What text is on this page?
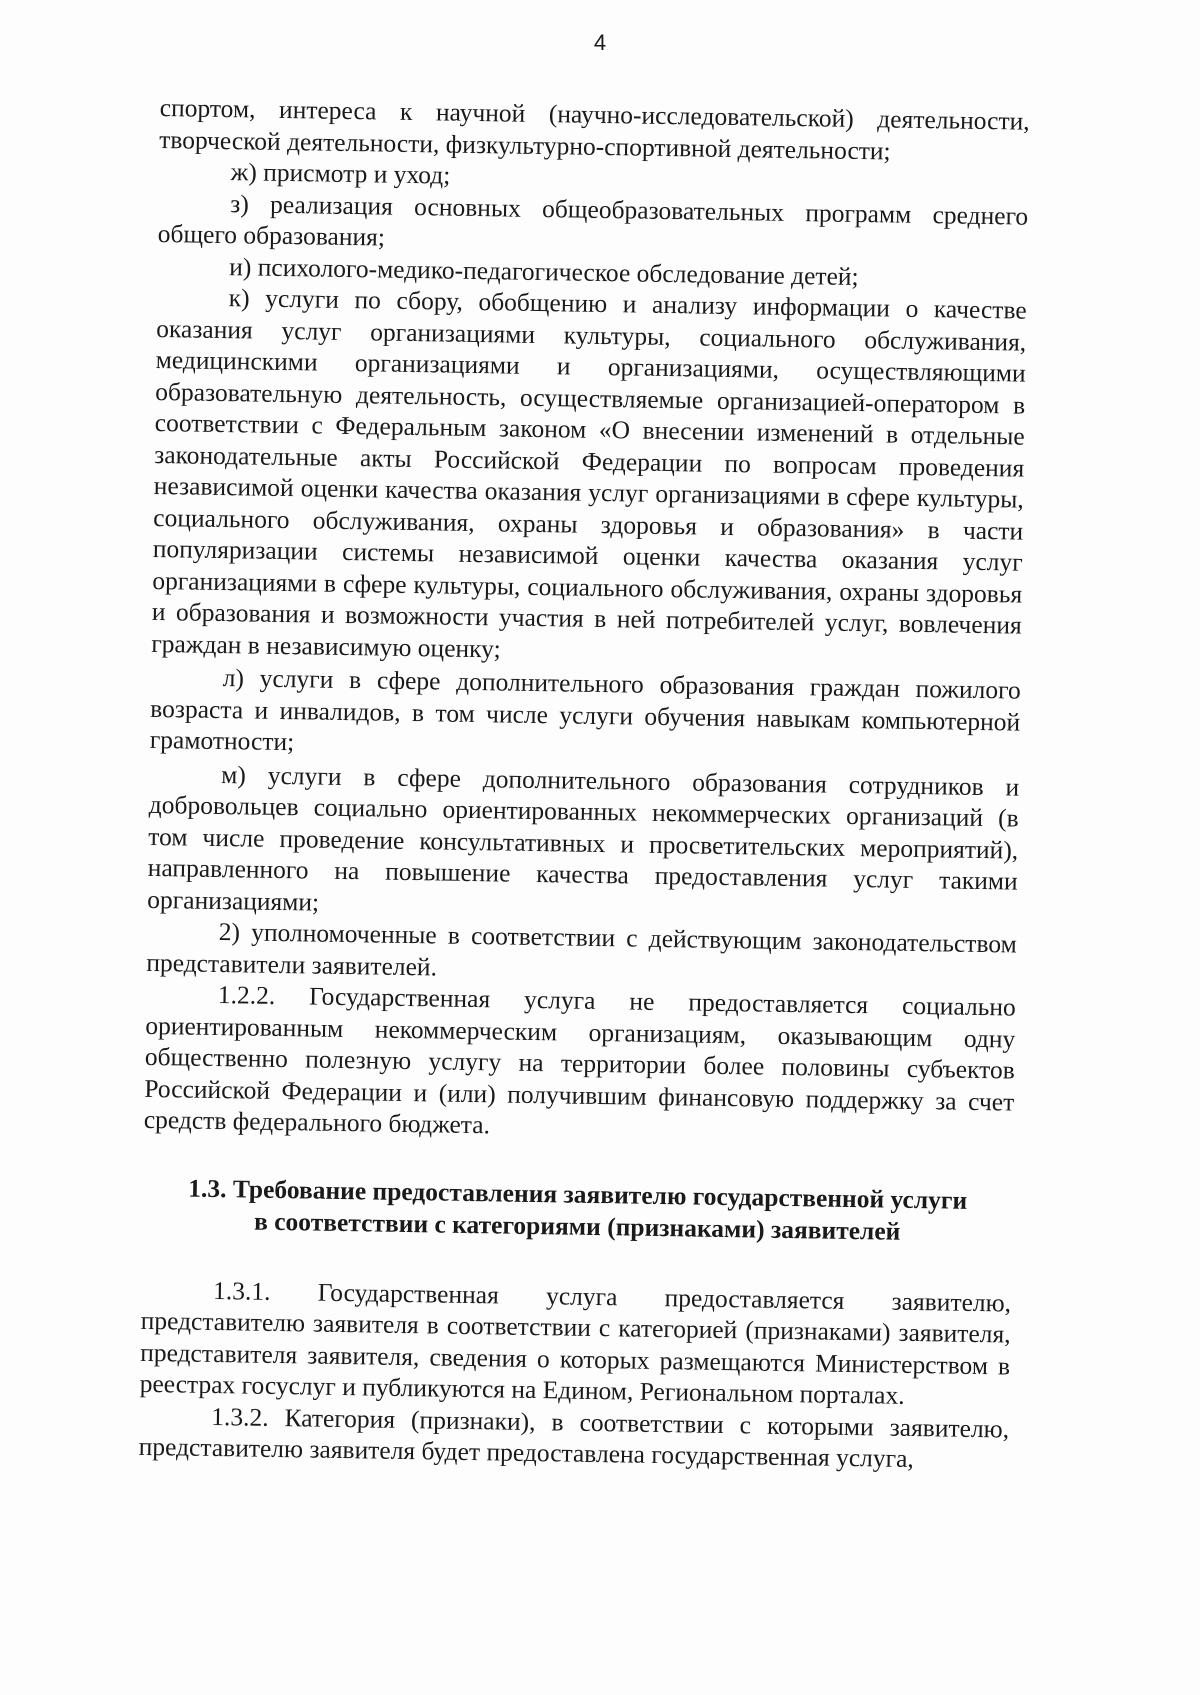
4

спортом, интереса к научной (научно-исследовательской) деятельности, творческой деятельности, физкультурно-спортивной деятельности;

ж) присмотр и уход;

з) реализация основных общеобразовательных программ среднего общего образования;

и) психолого-медико-педагогическое обследование детей;

к) услуги по сбору, обобщению и анализу информации о качестве оказания услуг организациями культуры, социального обслуживания, медицинскими организациями и организациями, осуществляющими образовательную деятельность, осуществляемые организацией-оператором в соответствии с Федеральным законом «О внесении изменений в отдельные законодательные акты Российской Федерации по вопросам проведения независимой оценки качества оказания услуг организациями в сфере культуры, социального обслуживания, охраны здоровья и образования» в части популяризации системы независимой оценки качества оказания услуг организациями в сфере культуры, социального обслуживания, охраны здоровья и образования и возможности участия в ней потребителей услуг, вовлечения граждан в независимую оценку;

л) услуги в сфере дополнительного образования граждан пожилого возраста и инвалидов, в том числе услуги обучения навыкам компьютерной грамотности;

м) услуги в сфере дополнительного образования сотрудников и добровольцев социально ориентированных некоммерческих организаций (в том числе проведение консультативных и просветительских мероприятий), направленного на повышение качества предоставления услуг такими организациями;

2) уполномоченные в соответствии с действующим законодательством представители заявителей.

1.2.2. Государственная услуга не предоставляется социально ориентированным некоммерческим организациям, оказывающим одну общественно полезную услугу на территории более половины субъектов Российской Федерации и (или) получившим финансовую поддержку за счет средств федерального бюджета.

1.3. Требование предоставления заявителю государственной услуги
в соответствии с категориями (признаками) заявителей

1.3.1. Государственная услуга предоставляется заявителю, представителю заявителя в соответствии с категорией (признаками) заявителя, представителя заявителя, сведения о которых размещаются Министерством в реестрах госуслуг и публикуются на Едином, Региональном порталах.

1.3.2. Категория (признаки), в соответствии с которыми заявителю, представителю заявителя будет предоставлена государственная услуга,
